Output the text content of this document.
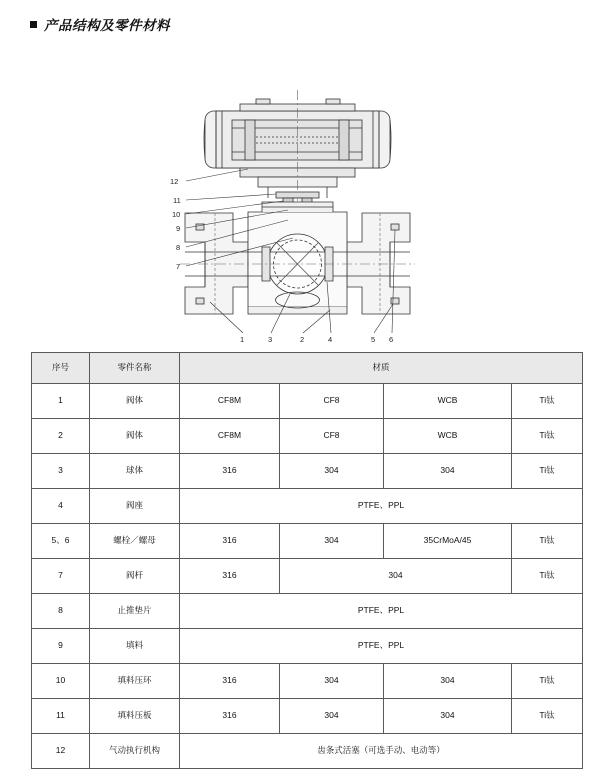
产品结构及零件材料
12
11
10
9
8
7
1	3	2	4	5 6
序号	零件名称	材质			
1	阀体	CF8M	CF8	WCB	Ti钛
2	阀体	CF8M	CF8	WCB	Ti钛
3	球体	316	304	304	Ti钛
4	阀座	PTFE、PPL			
5、6	螺栓／螺母	316	304	35CrMoA/45	Ti钛
7	阀杆	316	304		Ti钛
8	止推垫片	PTFE、PPL			
9	填料	PTFE、PPL			
10	填料压环	316	304	304	Ti钛
11	填料压板	316	304	304	Ti钛
12	气动执行机构	齿条式活塞（可选手动、电动等）			
